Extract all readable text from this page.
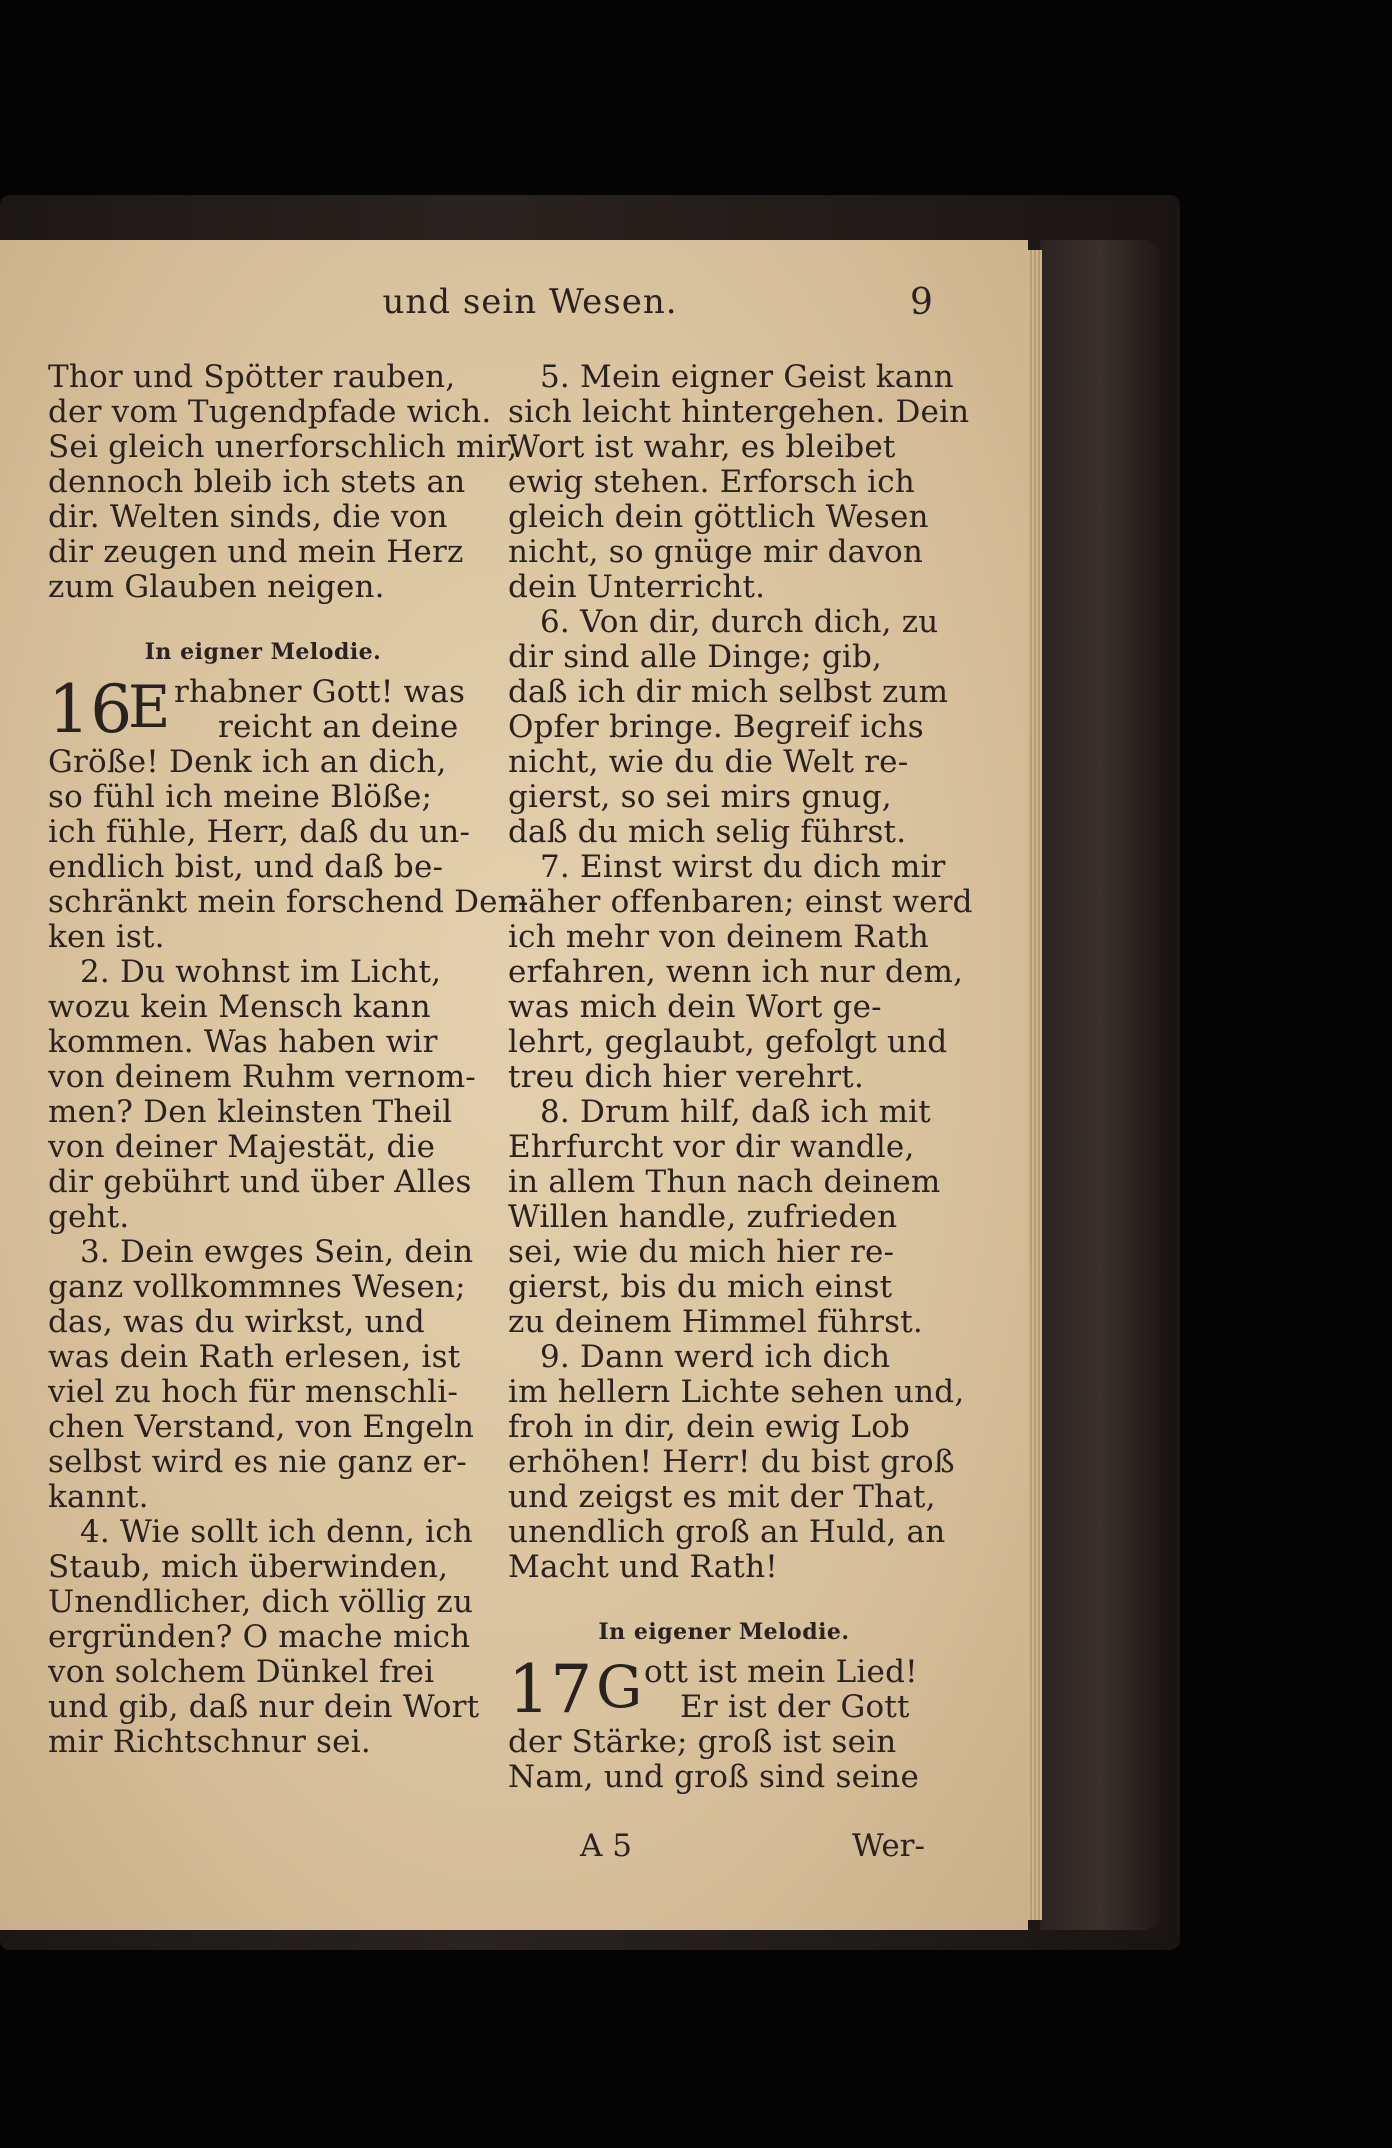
und sein Wesen.	9
Thor und Spötter rauben,
der vom Tugendpfade wich.
Sei gleich unerforschlich mir,
dennoch bleib ich stets an
dir. Welten sinds, die von
dir zeugen und mein Herz
zum Glauben neigen.
In eigner Melodie.
16
E rhabner Gott! was
reicht an deine
Größe! Denk ich an dich,
so fühl ich meine Blöße;
ich fühle, Herr, daß du un-
endlich bist, und daß be-
schränkt mein forschend Den-
ken ist.
2. Du wohnst im Licht,
wozu kein Mensch kann
kommen. Was haben wir
von deinem Ruhm vernom-
men? Den kleinsten Theil
von deiner Majestät, die
dir gebührt und über Alles
geht.
3. Dein ewges Sein, dein
ganz vollkommnes Wesen;
das, was du wirkst, und
was dein Rath erlesen, ist
viel zu hoch für menschli-
chen Verstand, von Engeln
selbst wird es nie ganz er-
kannt.
4. Wie sollt ich denn, ich
Staub, mich überwinden,
Unendlicher, dich völlig zu
ergründen? O mache mich
von solchem Dünkel frei
und gib, daß nur dein Wort
mir Richtschnur sei.
5. Mein eigner Geist kann
sich leicht hintergehen. Dein
Wort ist wahr, es bleibet
ewig stehen. Erforsch ich
gleich dein göttlich Wesen
nicht, so gnüge mir davon
dein Unterricht.
6. Von dir, durch dich, zu
dir sind alle Dinge; gib,
daß ich dir mich selbst zum
Opfer bringe. Begreif ichs
nicht, wie du die Welt re-
gierst, so sei mirs gnug,
daß du mich selig führst.
7. Einst wirst du dich mir
näher offenbaren; einst werd
ich mehr von deinem Rath
erfahren, wenn ich nur dem,
was mich dein Wort ge-
lehrt, geglaubt, gefolgt und
treu dich hier verehrt.
8. Drum hilf, daß ich mit
Ehrfurcht vor dir wandle,
in allem Thun nach deinem
Willen handle, zufrieden
sei, wie du mich hier re-
gierst, bis du mich einst
zu deinem Himmel führst.
9. Dann werd ich dich
im hellern Lichte sehen und,
froh in dir, dein ewig Lob
erhöhen! Herr! du bist groß
und zeigst es mit der That,
unendlich groß an Huld, an
Macht und Rath!
In eigener Melodie.
17 G ott ist mein Lied!
Er ist der Gott
der Stärke; groß ist sein
Nam, und groß sind seine
A 5	Wer-
